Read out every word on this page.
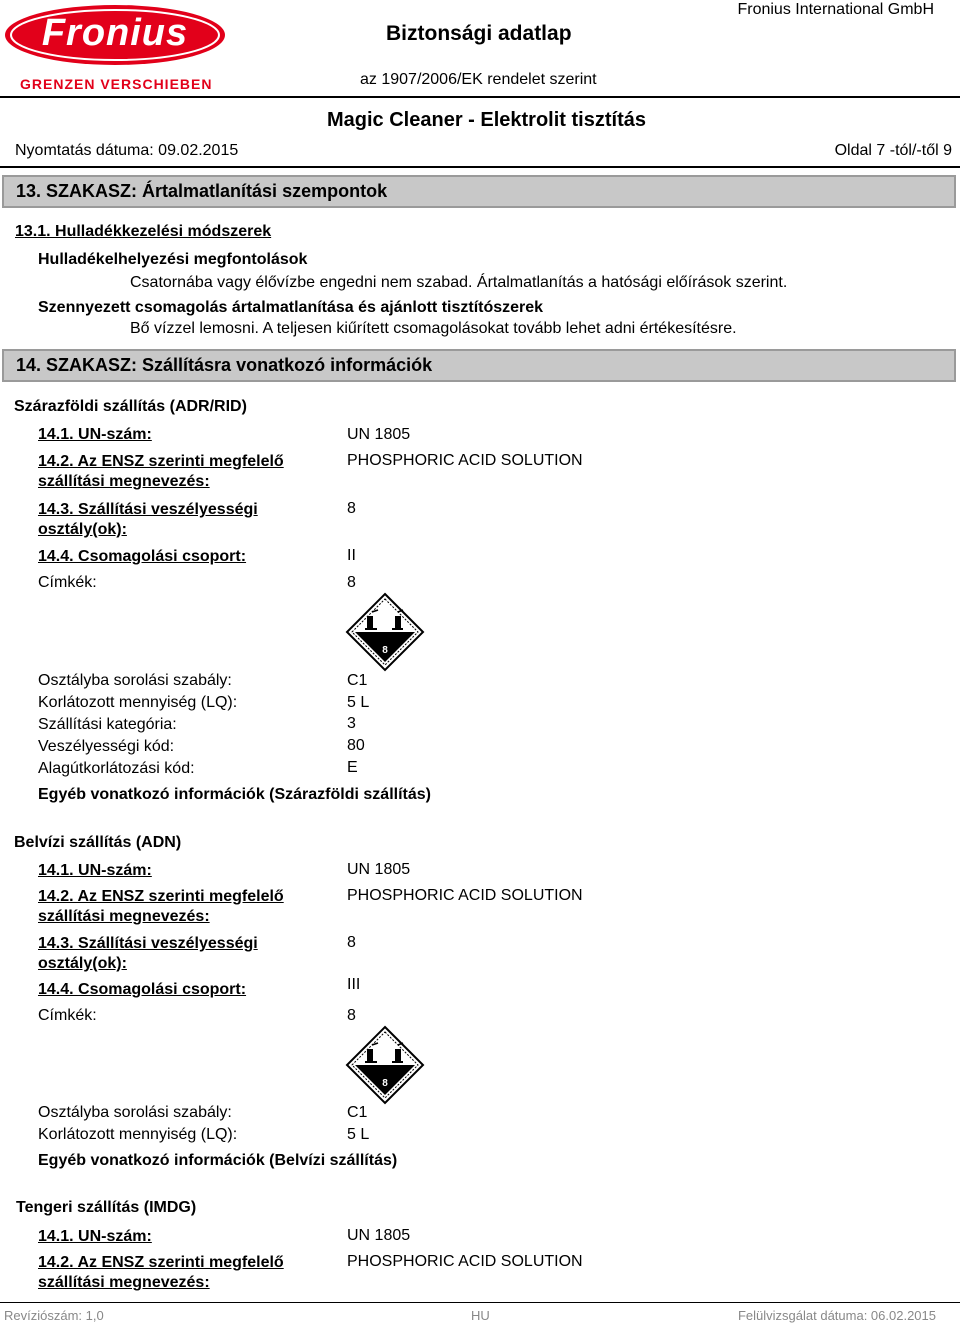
Fronius
GRENZEN VERSCHIEBEN
Biztonsági adatlap
az 1907/2006/EK rendelet szerint
Fronius International GmbH
Magic Cleaner - Elektrolit tisztítás
Nyomtatás dátuma: 09.02.2015	Oldal 7 -tól/-től 9
13. SZAKASZ: Ártalmatlanítási szempontok
13.1. Hulladékkezelési módszerek
Hulladékelhelyezési megfontolások
Csatornába vagy élővízbe engedni nem szabad. Ártalmatlanítás a hatósági előírások szerint.
Szennyezett csomagolás ártalmatlanítása és ajánlott tisztítószerek
Bő vízzel lemosni. A teljesen kiűrített csomagolásokat tovább lehet adni értékesítésre.
14. SZAKASZ: Szállításra vonatkozó információk
Szárazföldi szállítás (ADR/RID)
14.1. UN-szám:	UN 1805
14.2. Az ENSZ szerinti megfelelő
szállítási megnevezés:
PHOSPHORIC ACID SOLUTION
14.3. Szállítási veszélyességi
osztály(ok):
8
14.4. Csomagolási csoport:	II
Címkék:	8
8
Osztályba sorolási szabály:	C1
Korlátozott mennyiség (LQ):	5 L
Szállítási kategória:	3
Veszélyességi kód:	80
Alagútkorlátozási kód:	E
Egyéb vonatkozó információk (Szárazföldi szállítás)
Belvízi szállítás (ADN)
14.1. UN-szám:	UN 1805
14.2. Az ENSZ szerinti megfelelő
szállítási megnevezés:
PHOSPHORIC ACID SOLUTION
14.3. Szállítási veszélyességi
osztály(ok):
8
14.4. Csomagolási csoport:	III
Címkék:	8
8
Osztályba sorolási szabály:	C1
Korlátozott mennyiség (LQ):	5 L
Egyéb vonatkozó információk (Belvízi szállítás)
Tengeri szállítás (IMDG)
14.1. UN-szám:	UN 1805
14.2. Az ENSZ szerinti megfelelő
szállítási megnevezés:
PHOSPHORIC ACID SOLUTION
Revíziószám: 1,0	HU	Felülvizsgálat dátuma: 06.02.2015
